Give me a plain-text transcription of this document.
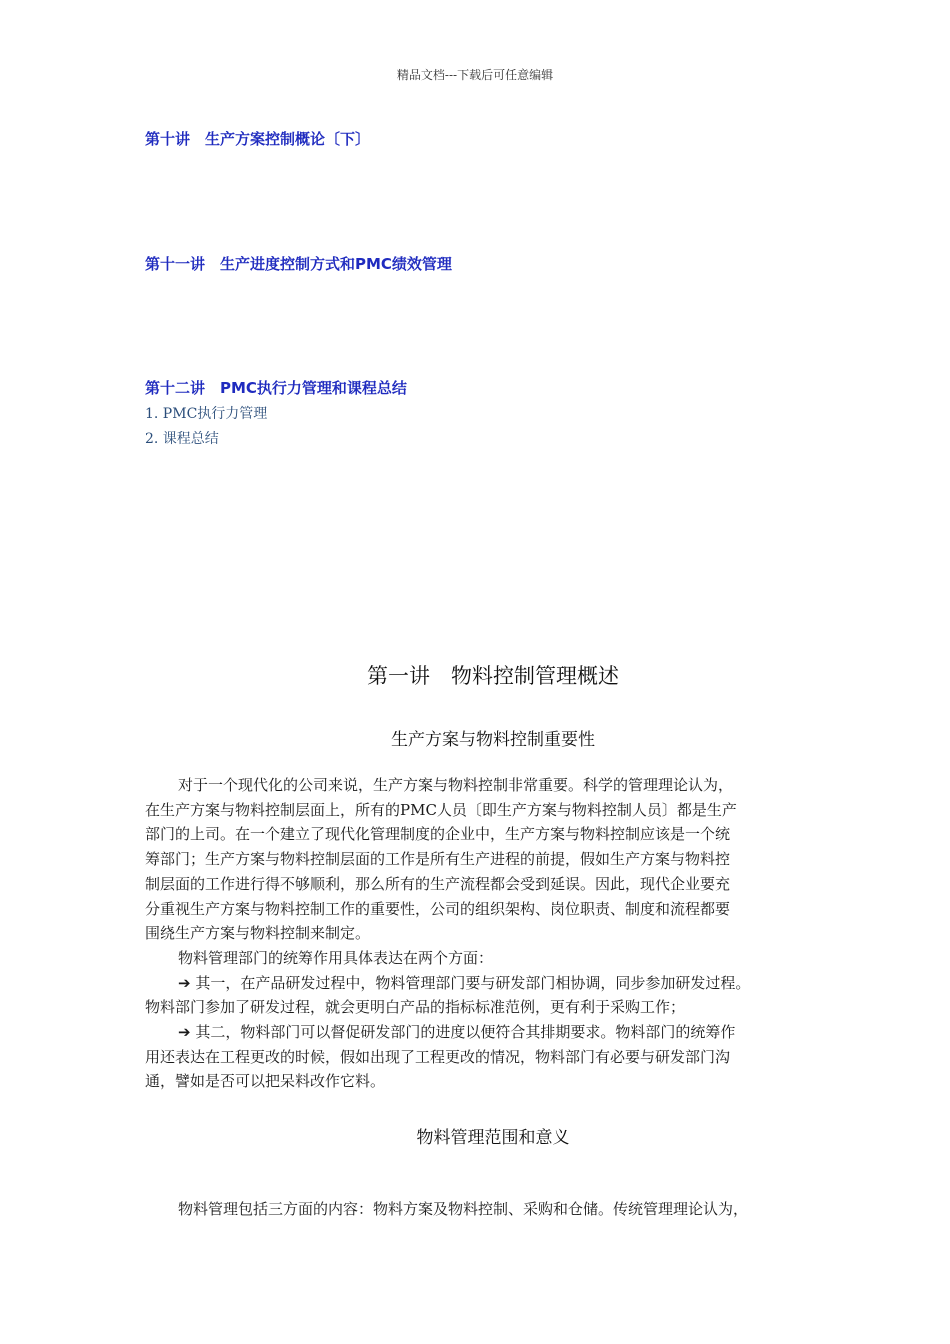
精品文档---下载后可任意编辑
第十讲　生产方案控制概论〔下〕
第十一讲　生产进度控制方式和PMC绩效管理
第十二讲　PMC执行力管理和课程总结
1. PMC执行力管理
2. 课程总结
第一讲　物料控制管理概述
生产方案与物料控制重要性
对于一个现代化的公司来说，生产方案与物料控制非常重要。科学的管理理论认为，
在生产方案与物料控制层面上，所有的PMC人员〔即生产方案与物料控制人员〕都是生产
部门的上司。在一个建立了现代化管理制度的企业中，生产方案与物料控制应该是一个统
筹部门；生产方案与物料控制层面的工作是所有生产进程的前提，假如生产方案与物料控
制层面的工作进行得不够顺利，那么所有的生产流程都会受到延误。因此，现代企业要充
分重视生产方案与物料控制工作的重要性，公司的组织架构、岗位职责、制度和流程都要
围绕生产方案与物料控制来制定。
物料管理部门的统筹作用具体表达在两个方面：
➔ 其一，在产品研发过程中，物料管理部门要与研发部门相协调，同步参加研发过程。
物料部门参加了研发过程，就会更明白产品的指标标准范例，更有利于采购工作；
➔ 其二，物料部门可以督促研发部门的进度以便符合其排期要求。物料部门的统筹作
用还表达在工程更改的时候，假如出现了工程更改的情况，物料部门有必要与研发部门沟
通，譬如是否可以把呆料改作它料。
物料管理范围和意义
物料管理包括三方面的内容：物料方案及物料控制、采购和仓储。传统管理理论认为，
